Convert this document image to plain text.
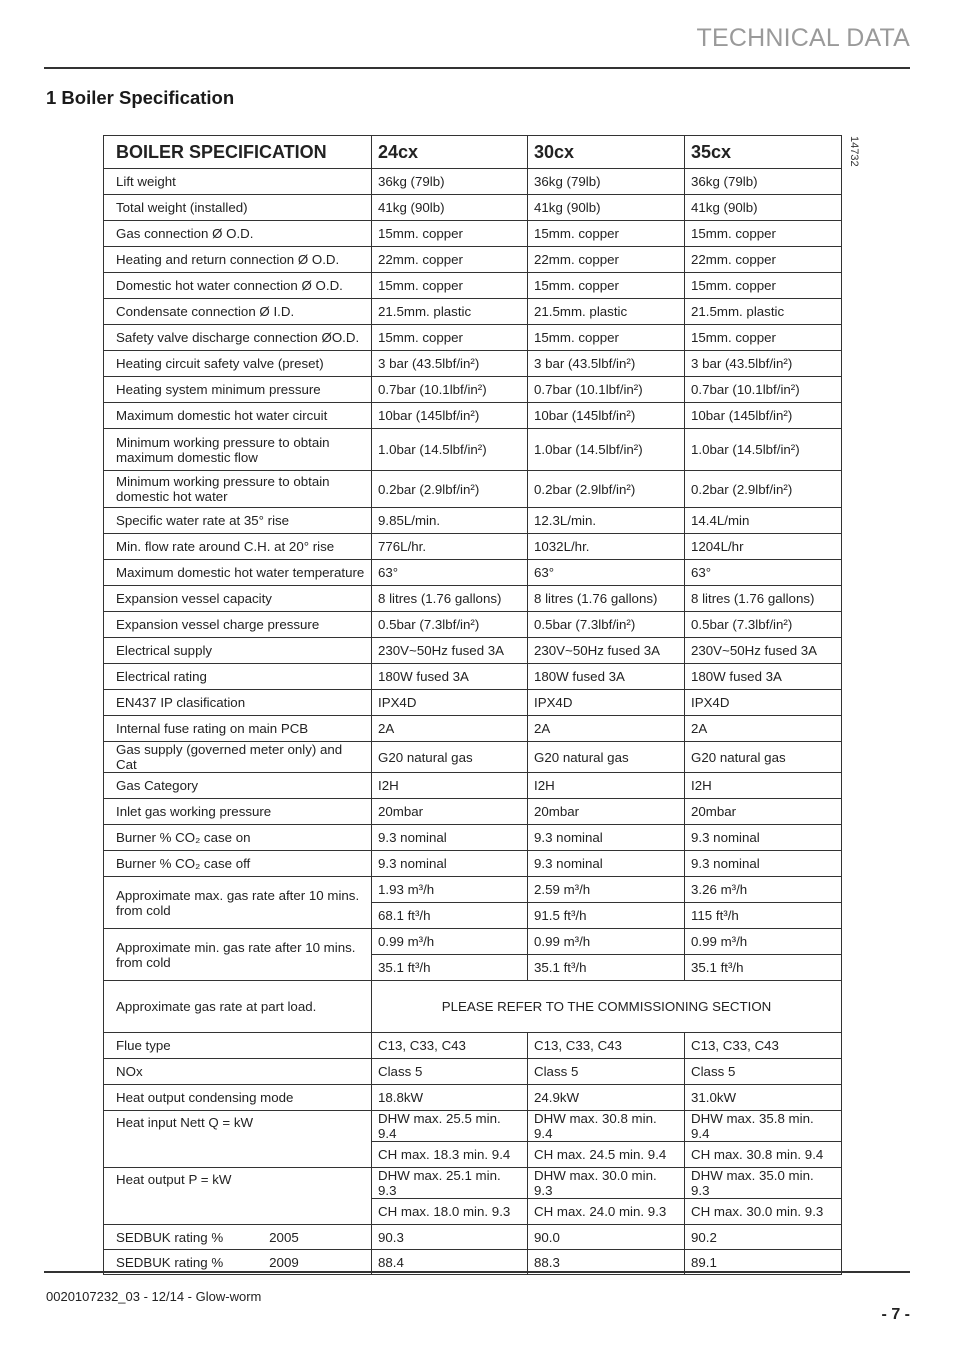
TECHNICAL DATA
1 Boiler Specification
14732
BOILER SPECIFICATION	24cx	30cx	35cx
Lift weight	36kg (79lb)	36kg (79lb)	36kg (79lb)
Total weight (installed)	41kg (90lb)	41kg (90lb)	41kg (90lb)
Gas connection Ø O.D.	15mm. copper	15mm. copper	15mm. copper
Heating and return connection Ø O.D.	22mm. copper	22mm. copper	22mm. copper
Domestic hot water connection Ø O.D.	15mm. copper	15mm. copper	15mm. copper
Condensate connection Ø I.D.	21.5mm. plastic	21.5mm. plastic	21.5mm. plastic
Safety valve discharge connection ØO.D.	15mm. copper	15mm. copper	15mm. copper
Heating circuit safety valve (preset)	3 bar (43.5lbf/in²)	3 bar (43.5lbf/in²)	3 bar (43.5lbf/in²)
Heating system minimum pressure	0.7bar (10.1lbf/in²)	0.7bar (10.1lbf/in²)	0.7bar (10.1lbf/in²)
Maximum domestic hot water circuit	10bar (145lbf/in²)	10bar (145lbf/in²)	10bar (145lbf/in²)
Minimum working pressure to obtain maximum domestic flow	1.0bar (14.5lbf/in²)	1.0bar (14.5lbf/in²)	1.0bar (14.5lbf/in²)
Minimum working pressure to obtain domestic hot water	0.2bar (2.9lbf/in²)	0.2bar (2.9lbf/in²)	0.2bar (2.9lbf/in²)
Specific water rate at 35° rise	9.85L/min.	12.3L/min.	14.4L/min
Min. flow rate around C.H. at 20° rise	776L/hr.	1032L/hr.	1204L/hr
Maximum domestic hot water temperature	63°	63°	63°
Expansion vessel capacity	8 litres (1.76 gallons)	8 litres (1.76 gallons)	8 litres (1.76 gallons)
Expansion vessel charge pressure	0.5bar (7.3lbf/in²)	0.5bar (7.3lbf/in²)	0.5bar (7.3lbf/in²)
Electrical supply	230V~50Hz fused 3A	230V~50Hz fused 3A	230V~50Hz fused 3A
Electrical rating	180W fused 3A	180W fused 3A	180W fused 3A
EN437 IP clasification	IPX4D	IPX4D	IPX4D
Internal fuse rating on main PCB	2A	2A	2A
Gas supply (governed meter only) and Cat	G20 natural gas	G20 natural gas	G20 natural gas
Gas Category	I2H	I2H	I2H
Inlet gas working pressure	20mbar	20mbar	20mbar
Burner % CO₂ case on	9.3 nominal	9.3 nominal	9.3 nominal
Burner % CO₂ case off	9.3 nominal	9.3 nominal	9.3 nominal
Approximate max. gas rate after 10 mins. from cold	1.93 m³/h	2.59 m³/h	3.26 m³/h
	68.1 ft³/h	91.5 ft³/h	115 ft³/h
Approximate min. gas rate after 10 mins. from cold	0.99 m³/h	0.99 m³/h	0.99 m³/h
	35.1 ft³/h	35.1 ft³/h	35.1 ft³/h
Approximate gas rate at part load.	PLEASE REFER TO THE COMMISSIONING SECTION		
Flue type	C13, C33, C43	C13, C33, C43	C13, C33, C43
NOx	Class 5	Class 5	Class 5
Heat output condensing mode	18.8kW	24.9kW	31.0kW
Heat input Nett Q = kW	DHW max. 25.5 min. 9.4	DHW max. 30.8 min. 9.4	DHW max. 35.8 min. 9.4
	CH max. 18.3 min. 9.4	CH max. 24.5 min. 9.4	CH max. 30.8 min. 9.4
Heat output P = kW	DHW max. 25.1 min. 9.3	DHW max. 30.0 min. 9.3	DHW max. 35.0 min. 9.3
	CH max. 18.0 min. 9.3	CH max. 24.0 min. 9.3	CH max. 30.0 min. 9.3
SEDBUK rating % 2005	90.3	90.0	90.2
SEDBUK rating % 2009	88.4	88.3	89.1
0020107232_03 - 12/14 - Glow-worm
- 7 -
